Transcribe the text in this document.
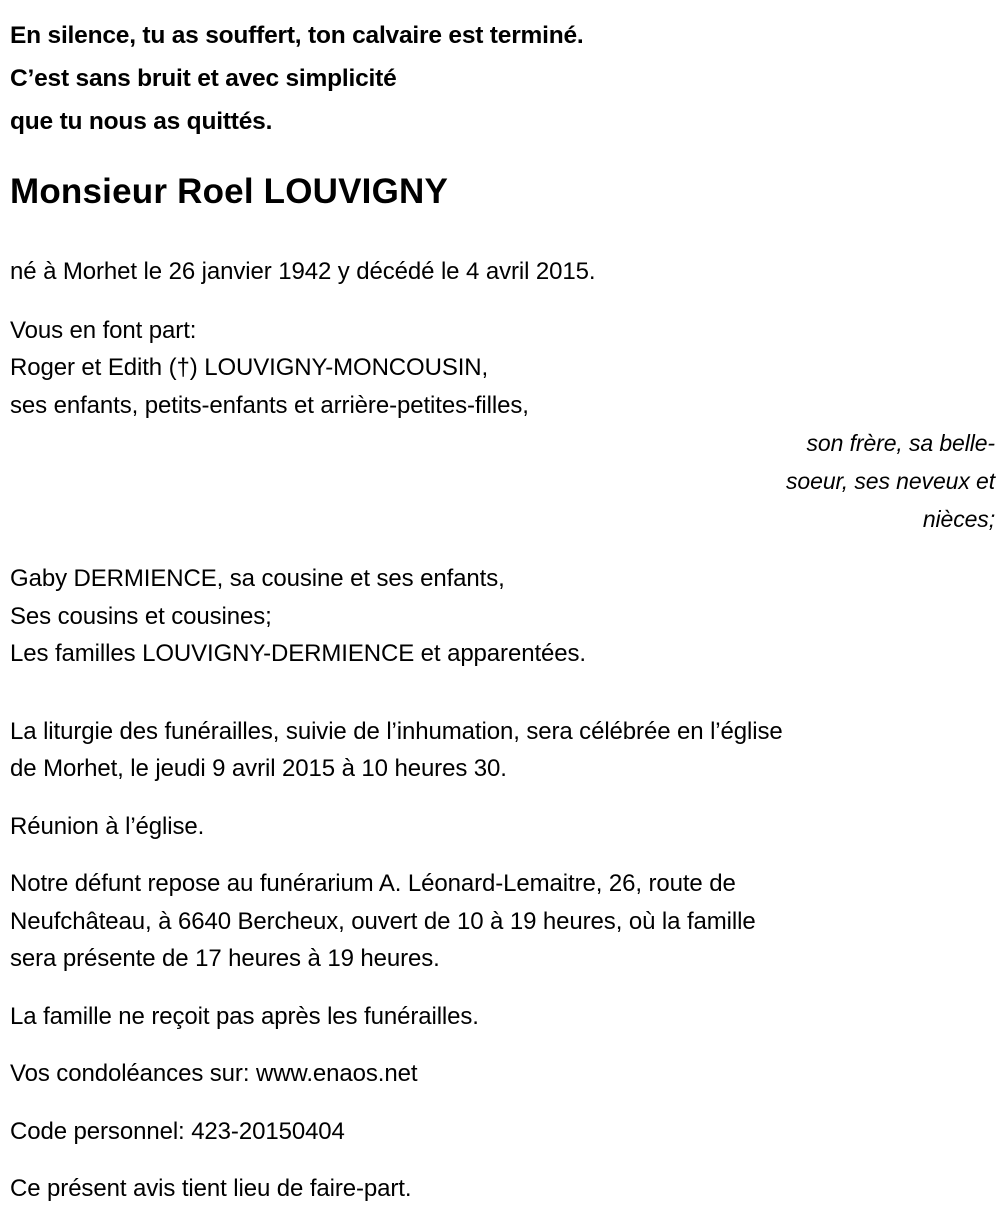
En silence, tu as souffert, ton calvaire est terminé.
C’est sans bruit et avec simplicité
que tu nous as quittés.
Monsieur Roel LOUVIGNY
né à Morhet le 26 janvier 1942 y décédé le 4 avril 2015.
Vous en font part:
Roger et Edith (†) LOUVIGNY-MONCOUSIN,
ses enfants, petits-enfants et arrière-petites-filles,
son frère, sa belle-
soeur, ses neveux et
nièces;
Gaby DERMIENCE, sa cousine et ses enfants,
Ses cousins et cousines;
Les familles LOUVIGNY-DERMIENCE et apparentées.
La liturgie des funérailles, suivie de l’inhumation, sera célébrée en l’église
de Morhet, le jeudi 9 avril 2015 à 10 heures 30.
Réunion à l’église.
Notre défunt repose au funérarium A. Léonard-Lemaitre, 26, route de
Neufchâteau, à 6640 Bercheux, ouvert de 10 à 19 heures, où la famille
sera présente de 17 heures à 19 heures.
La famille ne reçoit pas après les funérailles.
Vos condoléances sur: www.enaos.net
Code personnel: 423-20150404
Ce présent avis tient lieu de faire-part.
